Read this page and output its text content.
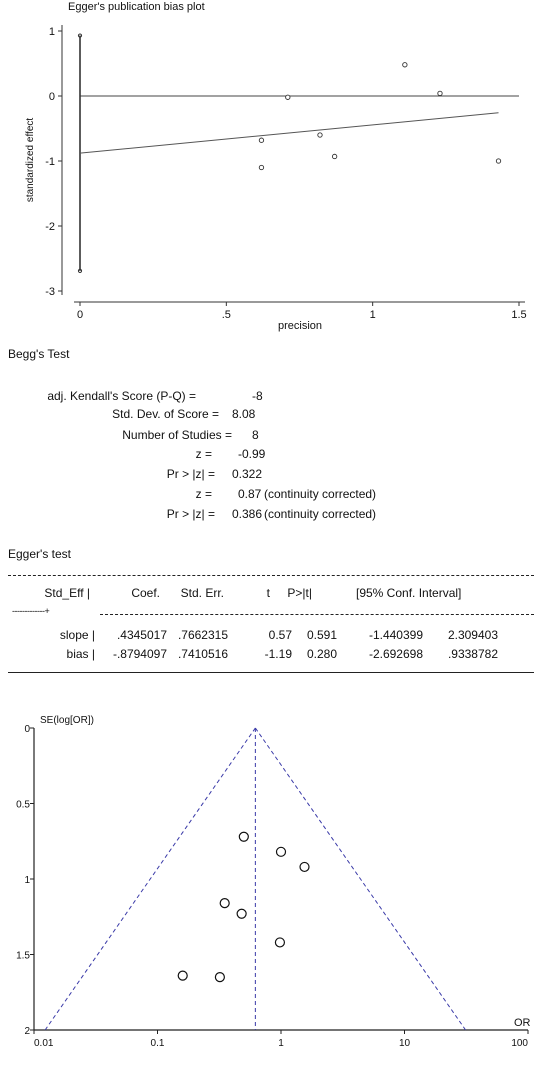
Egger's publication bias plot
standardized effect
precision
1
0
-1
-2
-3
0	.5	1	1.5
Begg's Test
adj. Kendall's Score (P-Q) =	-8
Std. Dev. of Score = 8.08
Number of Studies = 8
z = -0.99
Pr > |z| = 0.322
z = 0.87 (continuity corrected)
Pr > |z| = 0.386 (continuity corrected)
Egger's test
Std_Eff |	Coef. Std. Err.	t P>|t|	[95% Conf. Interval]
-------------+
slope | .4345017 .7662315	0.57 0.591	-1.440399 2.309403
bias | -.8794097 .7410516	-1.19 0.280	-2.692698 .9338782
SE(log[OR])
OR
0
0.5
1
1.5
2
0.01	0.1	1	10	100
